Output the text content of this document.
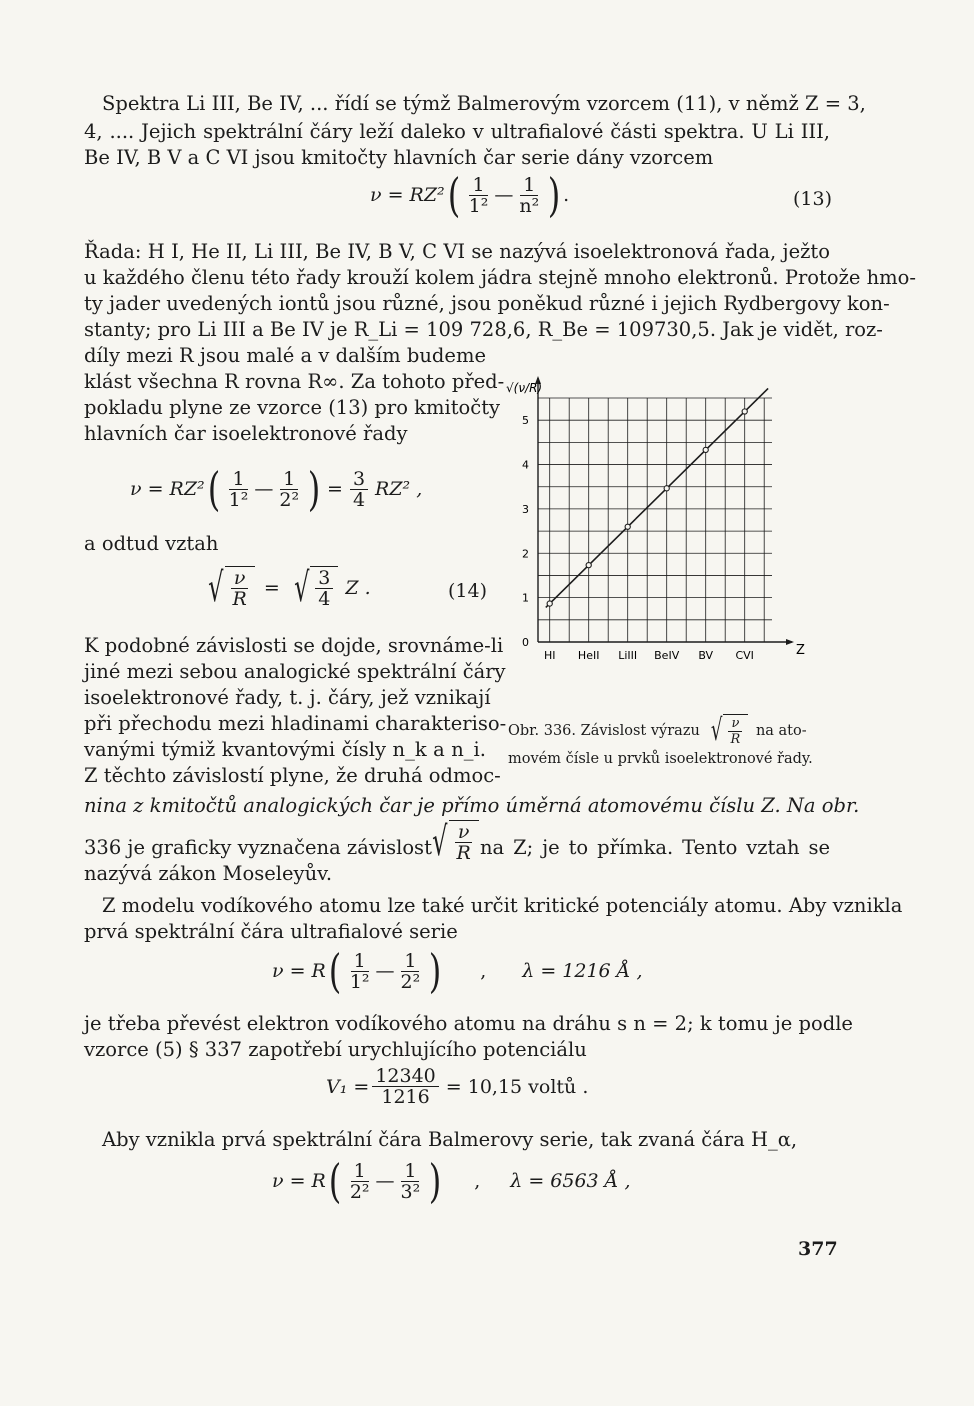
Spektra Li III, Be IV, ... řídí se týmž Balmerovým vzorcem (11), v němž Z = 3,
4, .... Jejich spektrální čáry leží daleko v ultrafialové části spektra. U Li III,
Be IV, B V a C VI jsou kmitočty hlavních čar serie dány vzorcem
ν = RZ² ( $\frac{1}{\text{1²}}$ — $\frac{1}{\text{n²}}$ ) .	(13)
Řada: H I, He II, Li III, Be IV, B V, C VI se nazývá isoelektronová řada, ježto
u každého členu této řady krouží kolem jádra stejně mnoho elektronů. Protože hmo-
ty jader uvedených iontů jsou různé, jsou poněkud různé i jejich Rydbergovy kon-
stanty; pro Li III a Be IV je R_Li = 109 728,6, R_Be = 109730,5. Jak je vidět, roz-
díly mezi R jsou malé a v dalším budeme
klást všechna R rovna R∞. Za tohoto před-
pokladu plyne ze vzorce (13) pro kmitočty
hlavních čar isoelektronové řady
ν = RZ² ( $\frac{1}{\text{1²}}$ — $\frac{1}{\text{2²}}$ ) = $\frac{3}{4} RZ^2$ ,
a odtud vztah
√ $\frac{\nu}{R}$ = √ $\frac{3}{4}$ Z .	(14)
K podobné závislosti se dojde, srovnáme-li
jiné mezi sebou analogické spektrální čáry
isoelektronové řady, t. j. čáry, jež vznikají
při přechodu mezi hladinami charakteriso-
vanými týmiž kvantovými čísly n_k a n_i.
Z těchto závislostí plyne, že druhá odmoc-
nina z kmitočtů analogických čar je přímo úměrná atomovému číslu Z. Na obr.
336 je graficky vyznačena závislost √ $\frac{\nu}{R}$ na Z; je to přímka. Tento vztah se
nazývá zákon Moseleyův.
Z modelu vodíkového atomu lze také určit kritické potenciály atomu. Aby vznikla
prvá spektrální čára ultrafialové serie
ν = R ( $\frac{1}{\text{1²}}$ — $\frac{1}{\text{2²}}$ ) , λ = 1216 Å ,
je třeba převést elektron vodíkového atomu na dráhu s n = 2; k tomu je podle
vzorce (5) § 337 zapotřebí urychlujícího potenciálu
$V_1 = \frac{12340}{1216} = 10,15$ voltů .
Aby vznikla prvá spektrální čára Balmerovy serie, tak zvaná čára H_α,
ν = R ( $\frac{1}{\text{2²}}$ — $\frac{1}{\text{3²}}$ ) , λ = 6563 Å ,
0
1
2
3
4
5
HI HeII LiIII BeIV BV CVI
√(ν/R)
Z
Obr. 336. Závislost výrazu √ $\frac{\nu}{R}$ na ato-
movém čísle u prvků isoelektronové řady.
377
